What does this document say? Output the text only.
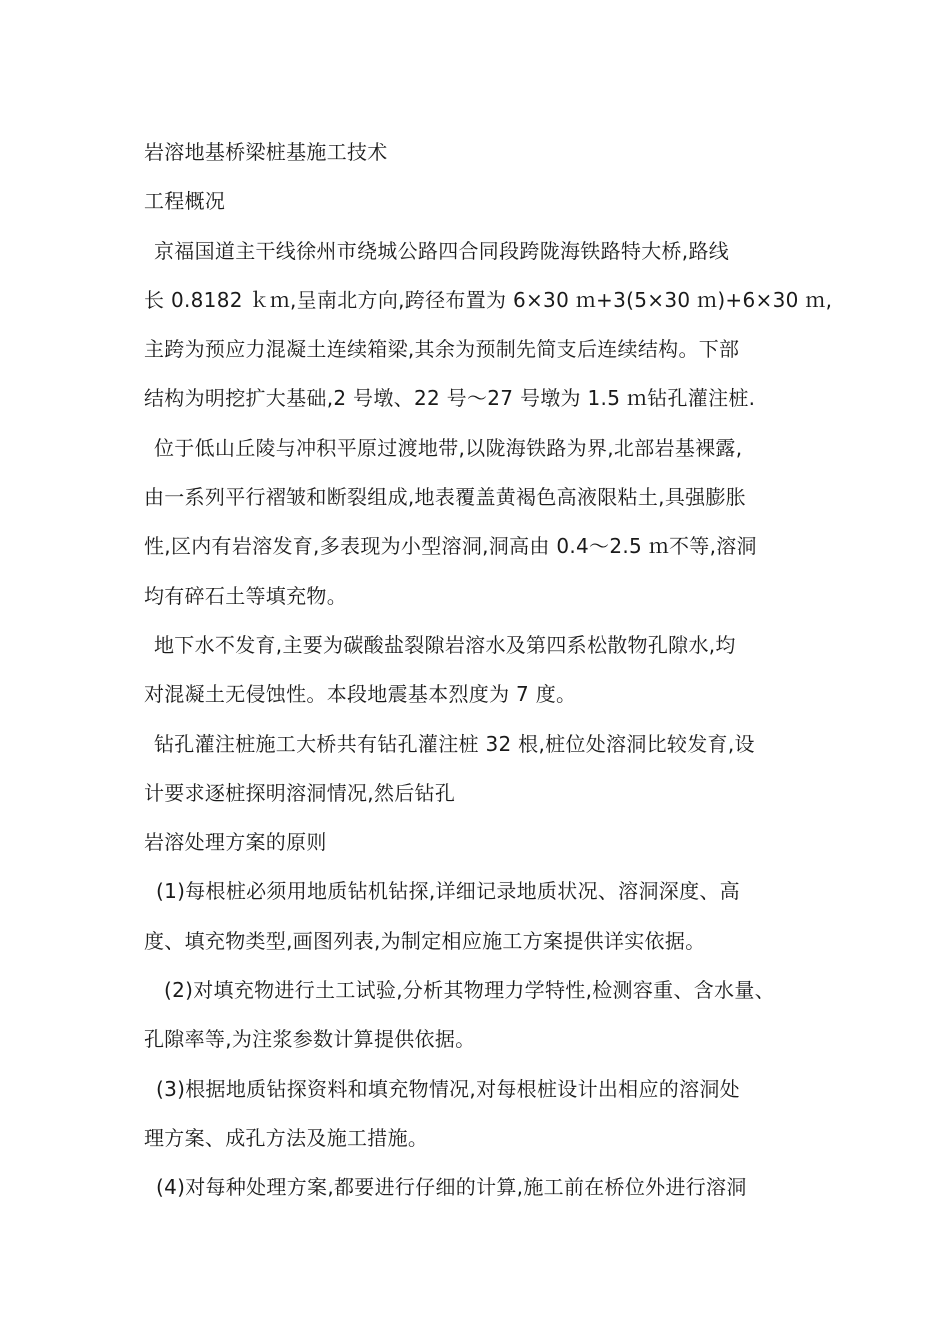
岩溶地基桥梁桩基施工技术
工程概况
京福国道主干线徐州市绕城公路四合同段跨陇海铁路特大桥,路线
长 0.8182 ｋｍ,呈南北方向,跨径布置为 6×30 ｍ+3(5×30 ｍ)+6×30 ｍ,
主跨为预应力混凝土连续箱梁,其余为预制先简支后连续结构。下部
结构为明挖扩大基础,2 号墩、22 号～27 号墩为 1.5 ｍ钻孔灌注桩.
位于低山丘陵与冲积平原过渡地带,以陇海铁路为界,北部岩基裸露,
由一系列平行褶皱和断裂组成,地表覆盖黄褐色高液限粘土,具强膨胀
性,区内有岩溶发育,多表现为小型溶洞,洞高由 0.4～2.5 ｍ不等,溶洞
均有碎石土等填充物。
地下水不发育,主要为碳酸盐裂隙岩溶水及第四系松散物孔隙水,均
对混凝土无侵蚀性。本段地震基本烈度为 7 度。
钻孔灌注桩施工大桥共有钻孔灌注桩 32 根,桩位处溶洞比较发育,设
计要求逐桩探明溶洞情况,然后钻孔
岩溶处理方案的原则
(1)每根桩必须用地质钻机钻探,详细记录地质状况、溶洞深度、高
度、填充物类型,画图列表,为制定相应施工方案提供详实依据。
(2)对填充物进行土工试验,分析其物理力学特性,检测容重、含水量、
孔隙率等,为注浆参数计算提供依据。
(3)根据地质钻探资料和填充物情况,对每根桩设计出相应的溶洞处
理方案、成孔方法及施工措施。
(4)对每种处理方案,都要进行仔细的计算,施工前在桥位外进行溶洞
